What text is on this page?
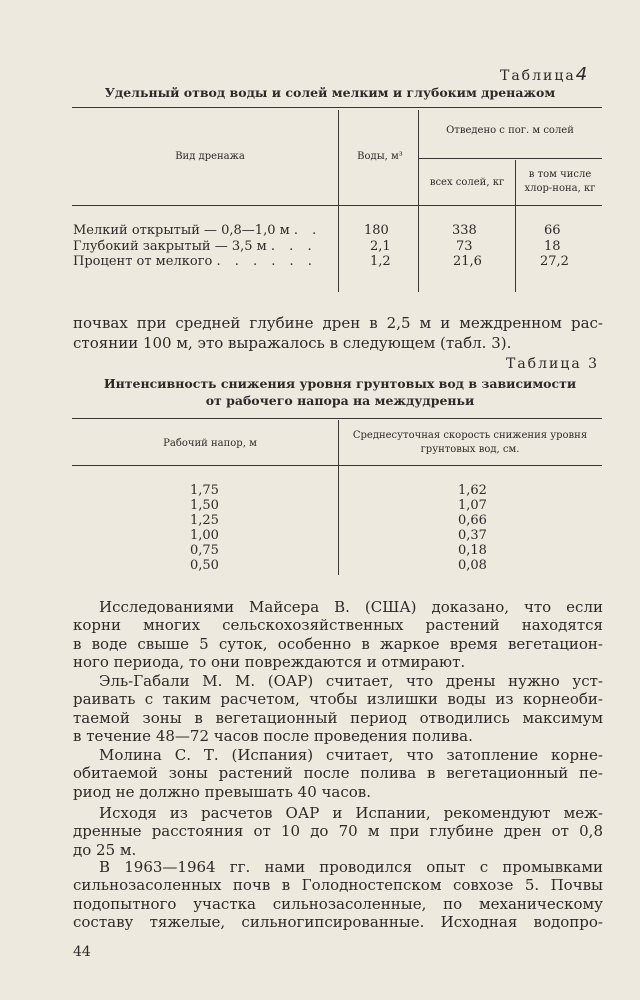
Таблица4
Удельный отвод воды и солей мелким и глубоким дренажом
Вид дренажа	Воды, м³
Отведено с пог. м солей
всех солей, кг
в том числе хлор-нона, кг
Мелкий открытый — 0,8—1,0 м . .
Глубокий закрытый — 3,5 м . . .
Процент от мелкого . . . . . .
180
2,1
1,2
338
73
21,6
66
18
27,2
почвах при средней глубине дрен в 2,5 м и междренном рас-
стоянии 100 м, это выражалось в следующем (табл. 3).
Таблица 3
Интенсивность снижения уровня грунтовых вод в зависимости
от рабочего напора на междудреньи
Рабочий напор, м
Среднесуточная скорость снижения уровня грунтовых вод, см.
1,75
1,50
1,25
1,00
0,75
0,50
1,62
1,07
0,66
0,37
0,18
0,08
Исследованиями Майсера В. (США) доказано, что если
корни многих сельскохозяйственных растений находятся
в воде свыше 5 суток, особенно в жаркое время вегетацион-
ного периода, то они повреждаются и отмирают.
Эль-Габали М. М. (ОАР) считает, что дрены нужно уст-
раивать с таким расчетом, чтобы излишки воды из корнеоби-
таемой зоны в вегетационный период отводились максимум
в течение 48—72 часов после проведения полива.
Молина С. Т. (Испания) считает, что затопление корне-
обитаемой зоны растений после полива в вегетационный пе-
риод не должно превышать 40 часов.
Исходя из расчетов ОАР и Испании, рекомендуют меж-
дренные расстояния от 10 до 70 м при глубине дрен от 0,8
до 25 м.
В 1963—1964 гг. нами проводился опыт с промывками
сильнозасоленных почв в Голодностепском совхозе 5. Почвы
подопытного участка сильнозасоленные, по механическому
составу тяжелые, сильногипсированные. Исходная водопро-
44
